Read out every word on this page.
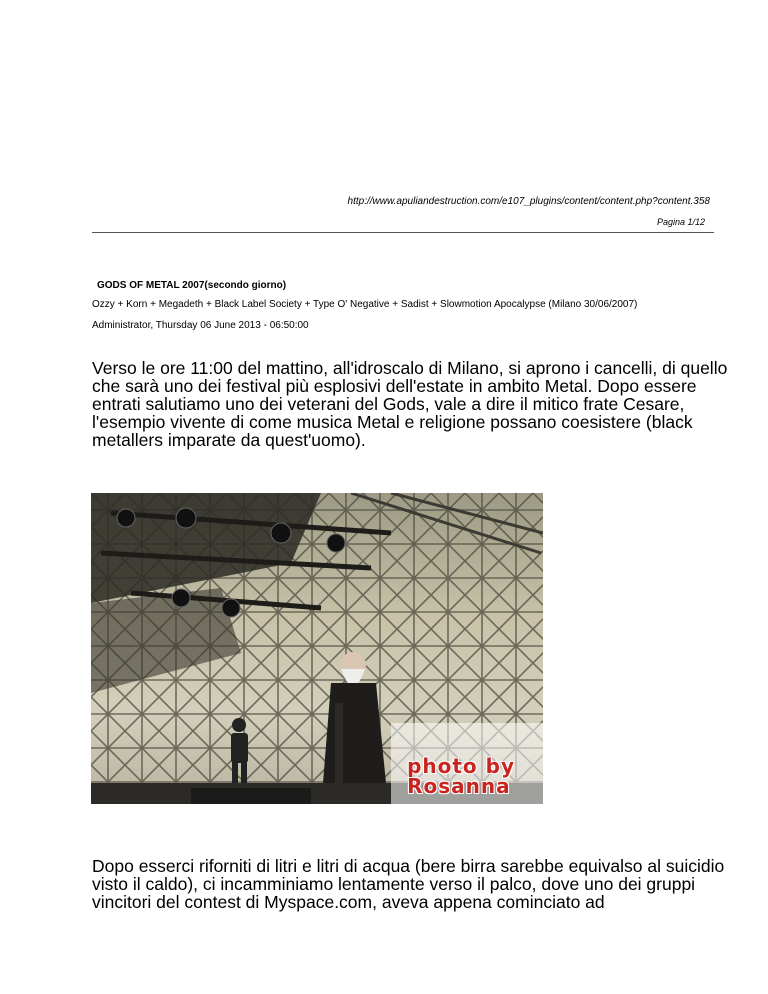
http://www.apuliandestruction.com/e107_plugins/content/content.php?content.358
Pagina 1/12
GODS OF METAL 2007(secondo giorno)
Ozzy + Korn + Megadeth + Black Label Society + Type O' Negative + Sadist + Slowmotion Apocalypse (Milano 30/06/2007)
Administrator, Thursday 06 June 2013 - 06:50:00
Verso le ore 11:00 del mattino, all'idroscalo di Milano, si aprono i cancelli, di quello che sarà uno dei festival più esplosivi dell'estate in ambito Metal. Dopo essere entrati salutiamo uno dei veterani del Gods, vale a dire il mitico frate Cesare, l'esempio vivente di come musica Metal e religione possano coesistere (black metallers imparate da quest'uomo).
photo by
Rosanna
Dopo esserci riforniti di litri e litri di acqua (bere birra sarebbe equivalso al suicidio visto il caldo), ci incamminiamo lentamente verso il palco, dove uno dei gruppi vincitori del contest di Myspace.com, aveva appena cominciato ad
